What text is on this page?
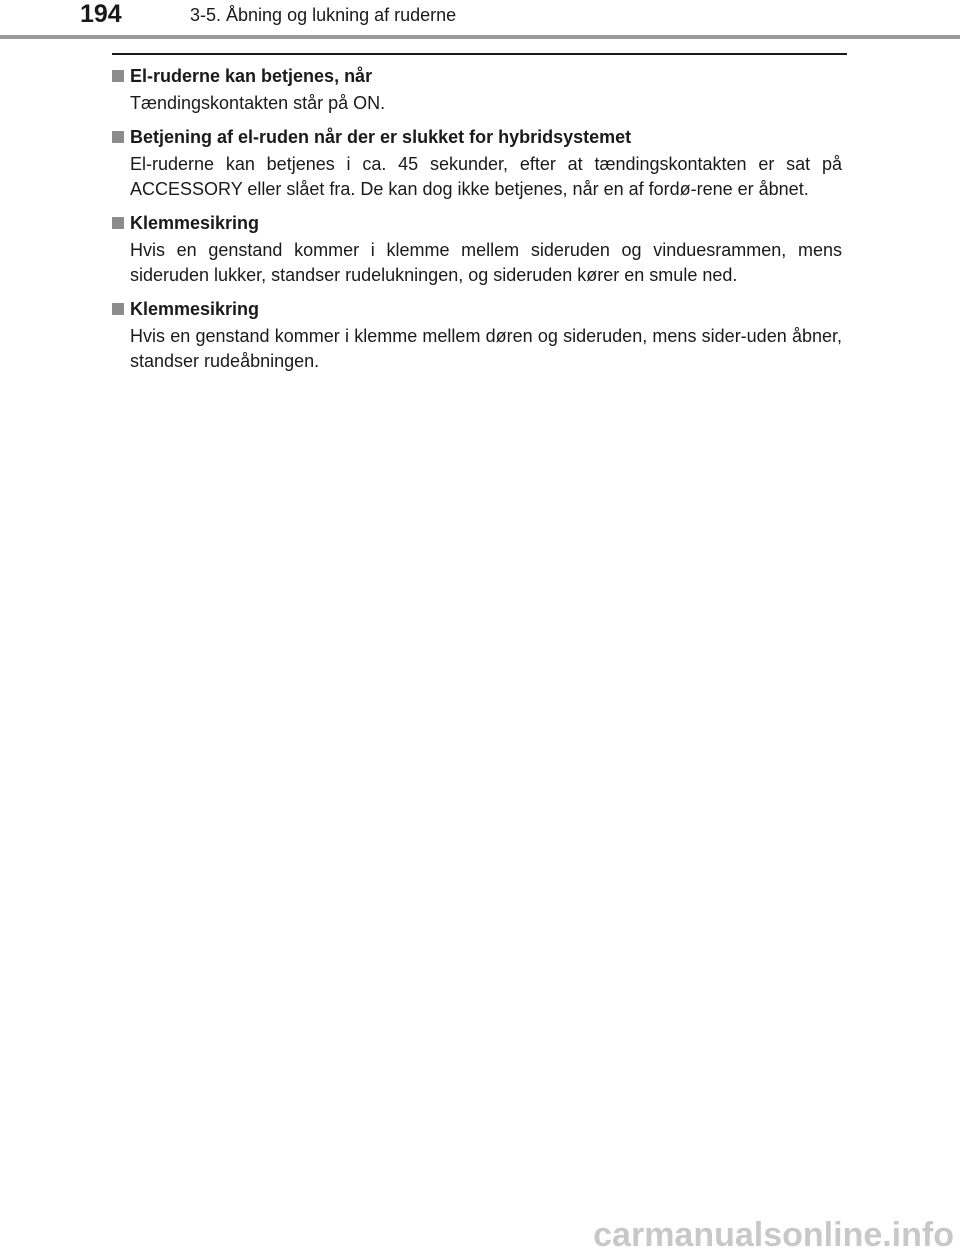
194	3-5. Åbning og lukning af ruderne
El-ruderne kan betjenes, når
Tændingskontakten står på ON.
Betjening af el-ruden når der er slukket for hybridsystemet
El-ruderne kan betjenes i ca. 45 sekunder, efter at tændingskontakten er sat på ACCESSORY eller slået fra. De kan dog ikke betjenes, når en af fordø-rene er åbnet.
Klemmesikring
Hvis en genstand kommer i klemme mellem sideruden og vinduesrammen, mens sideruden lukker, standser rudelukningen, og sideruden kører en smule ned.
Klemmesikring
Hvis en genstand kommer i klemme mellem døren og sideruden, mens sider-uden åbner, standser rudeåbningen.
carmanualsonline.info
